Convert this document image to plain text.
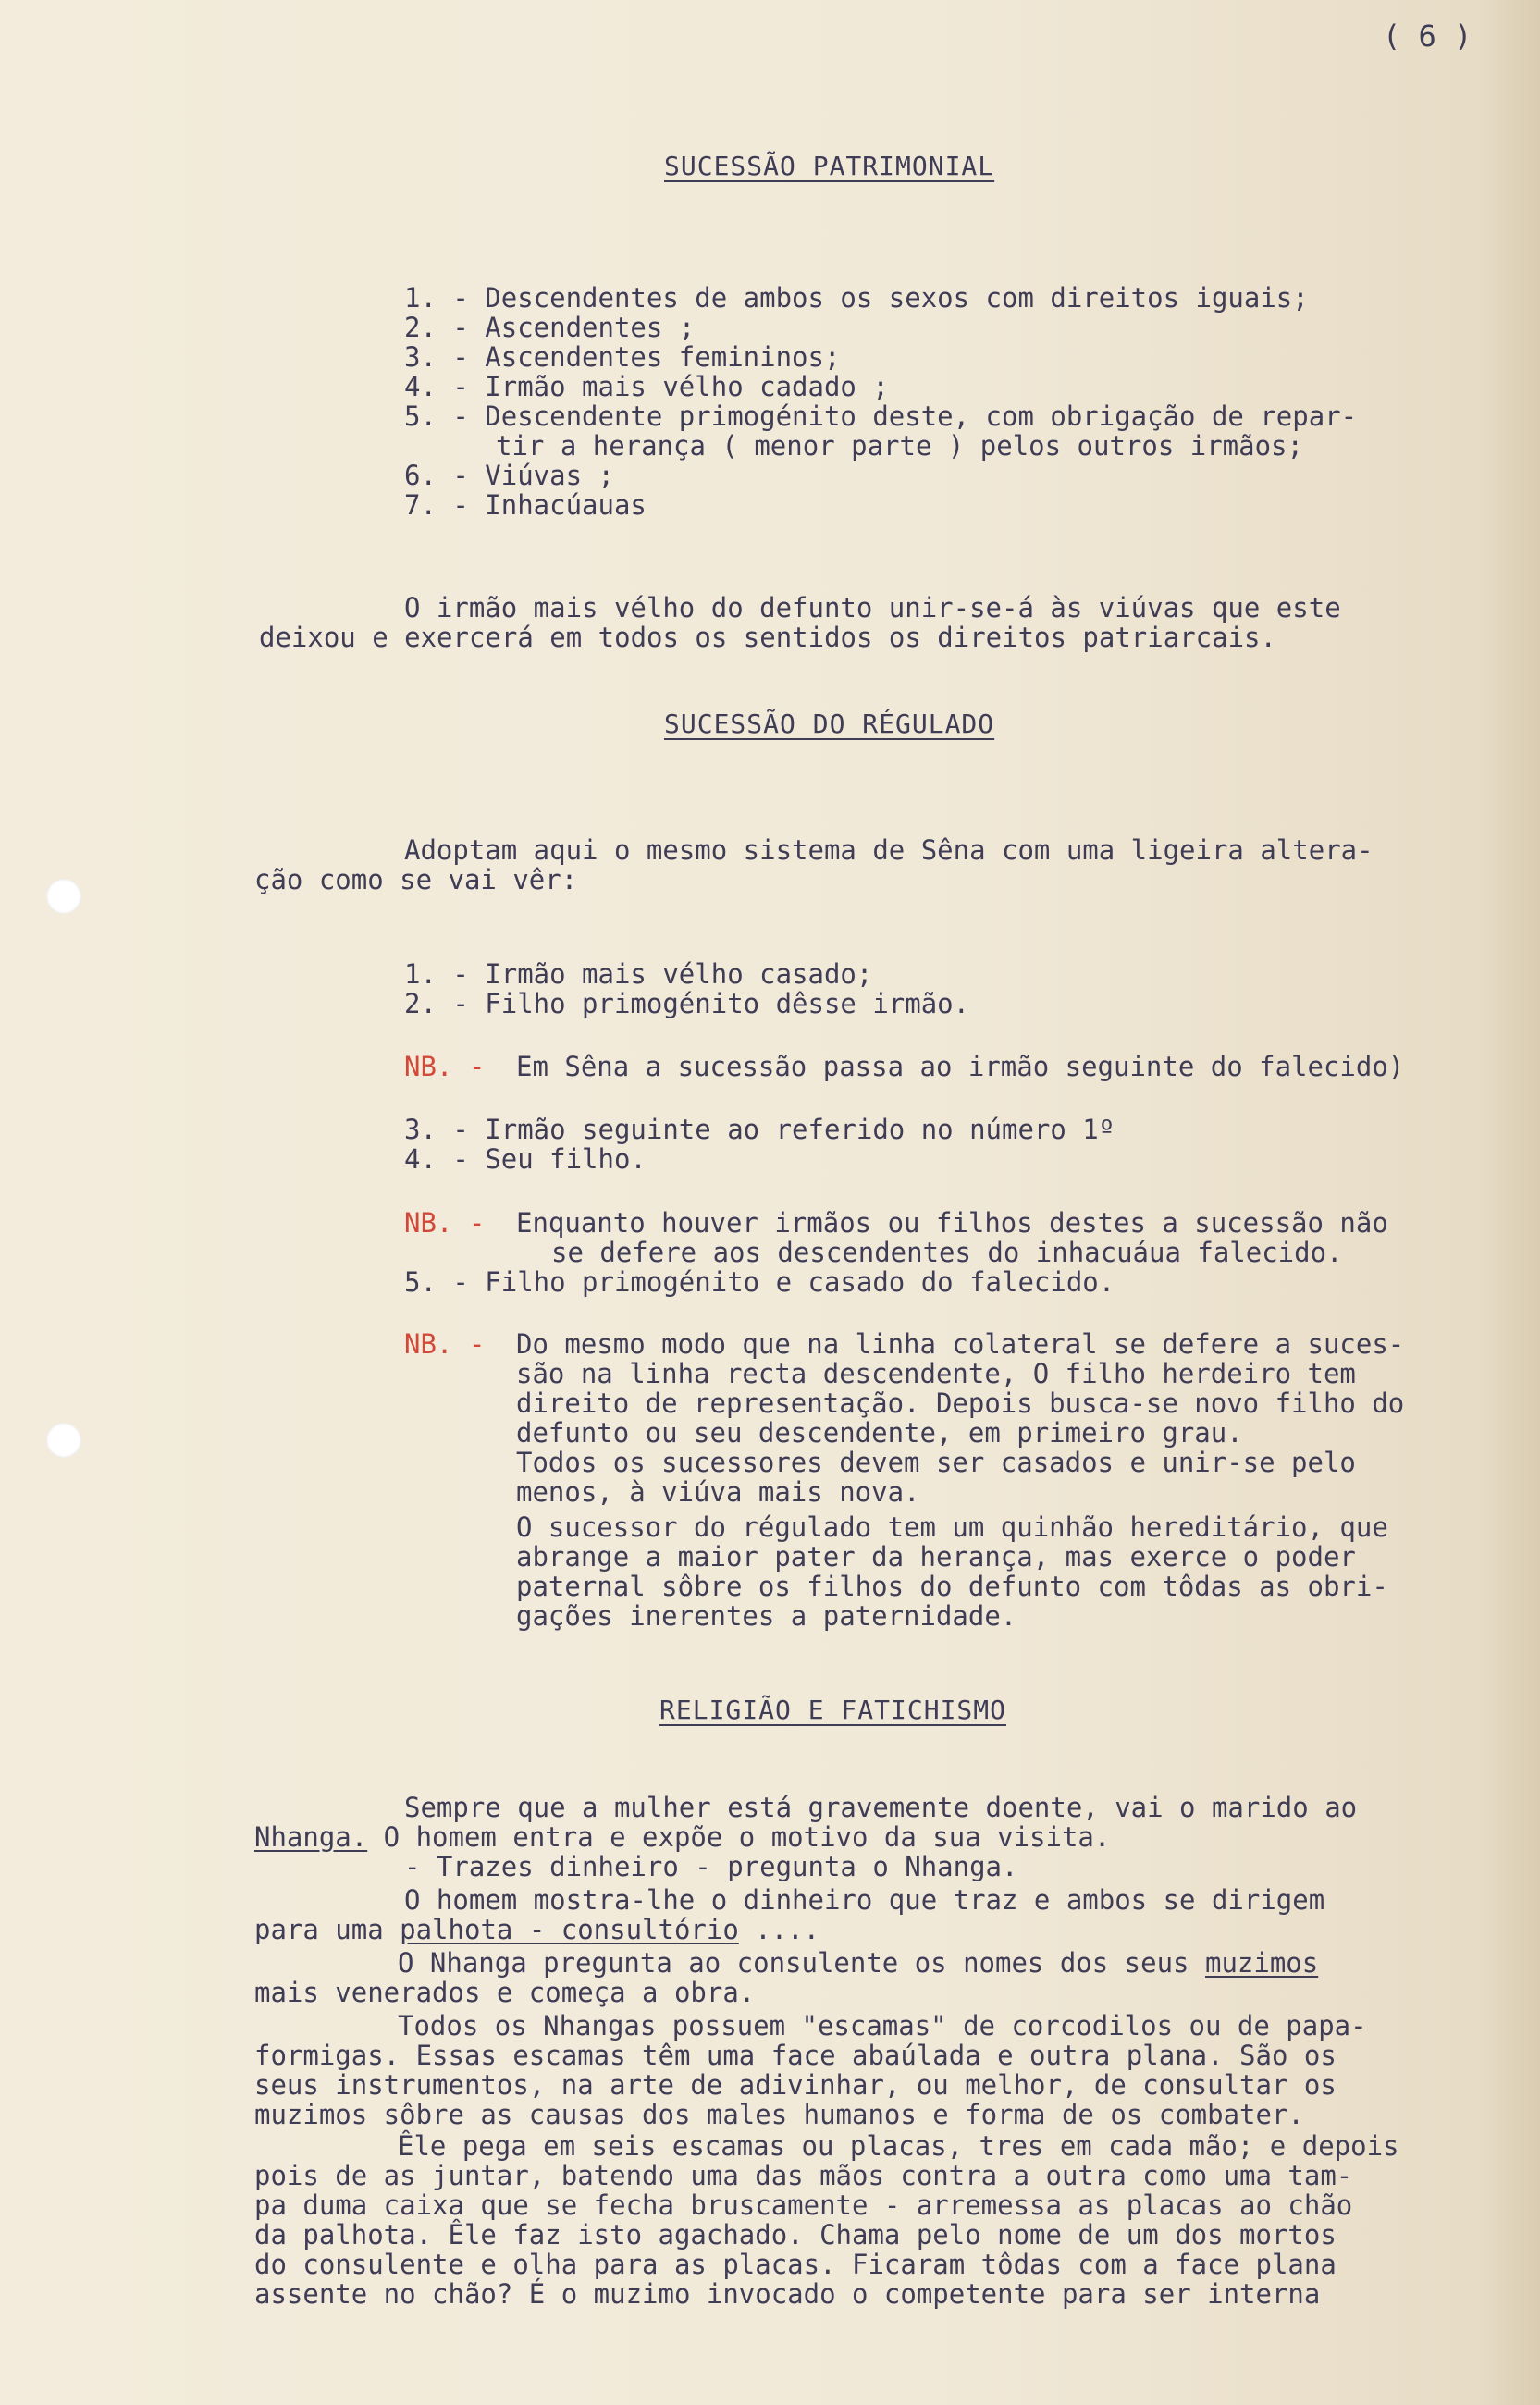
( 6 )
SUCESSÃO PATRIMONIAL
1. - Descendentes de ambos os sexos com direitos iguais;
2. - Ascendentes ;
3. - Ascendentes femininos;
4. - Irmão mais vélho cadado ;
5. - Descendente primogénito deste, com obrigação de repar-
tir a herança ( menor parte ) pelos outros irmãos;
6. - Viúvas ;
7. - Inhacúauas
O irmão mais vélho do defunto unir-se-á às viúvas que este
deixou e exercerá em todos os sentidos os direitos patriarcais.
SUCESSÃO DO RÉGULADO
Adoptam aqui o mesmo sistema de Sêna com uma ligeira altera-
ção como se vai vêr:
1. - Irmão mais vélho casado;
2. - Filho primogénito dêsse irmão.
NB. - Em Sêna a sucessão passa ao irmão seguinte do falecido)
3. - Irmão seguinte ao referido no número 1º
4. - Seu filho.
NB. - Enquanto houver irmãos ou filhos destes a sucessão não
se defere aos descendentes do inhacuáua falecido.
5. - Filho primogénito e casado do falecido.
NB. - Do mesmo modo que na linha colateral se defere a suces-
são na linha recta descendente, O filho herdeiro tem
direito de representação. Depois busca-se novo filho do
defunto ou seu descendente, em primeiro grau.
Todos os sucessores devem ser casados e unir-se pelo
menos, à viúva mais nova.
O sucessor do régulado tem um quinhão hereditário, que
abrange a maior pater da herança, mas exerce o poder
paternal sôbre os filhos do defunto com tôdas as obri-
gações inerentes a paternidade.
RELIGIÃO E FATICHISMO
Sempre que a mulher está gravemente doente, vai o marido ao
Nhanga. O homem entra e expõe o motivo da sua visita.
- Trazes dinheiro - pregunta o Nhanga.
O homem mostra-lhe o dinheiro que traz e ambos se dirigem
para uma palhota - consultório ....
O Nhanga pregunta ao consulente os nomes dos seus muzimos
mais venerados e começa a obra.
Todos os Nhangas possuem "escamas" de corcodilos ou de papa-
formigas. Essas escamas têm uma face abaúlada e outra plana. São os
seus instrumentos, na arte de adivinhar, ou melhor, de consultar os
muzimos sôbre as causas dos males humanos e forma de os combater.
Êle pega em seis escamas ou placas, tres em cada mão; e depois
pois de as juntar, batendo uma das mãos contra a outra como uma tam-
pa duma caixa que se fecha bruscamente - arremessa as placas ao chão
da palhota. Êle faz isto agachado. Chama pelo nome de um dos mortos
do consulente e olha para as placas. Ficaram tôdas com a face plana
assente no chão? É o muzimo invocado o competente para ser interna
